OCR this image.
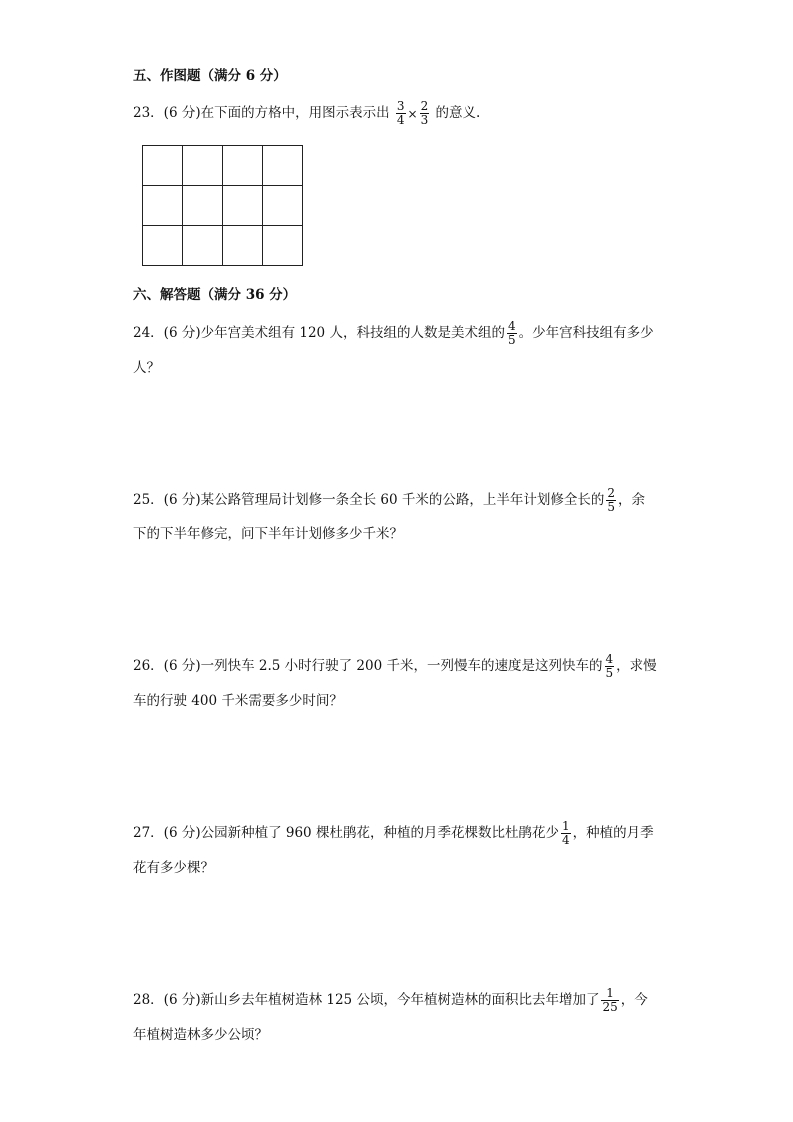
五、作图题（满分 6 分）
23．(6 分)在下面的方格中，用图示表示出 $\frac{3}{4} \times \frac{2}{3}$ 的意义.
六、解答题（满分 36 分）
24．(6 分)少年宫美术组有 120 人，科技组的人数是美术组的 $\frac{4}{5}$ 。少年宫科技组有多少
人？
25．(6 分)某公路管理局计划修一条全长 60 千米的公路，上半年计划修全长的 $\frac{2}{5}$ ，余
下的下半年修完，问下半年计划修多少千米？
26．(6 分)一列快车 2.5 小时行驶了 200 千米，一列慢车的速度是这列快车的 $\frac{4}{5}$ ，求慢
车的行驶 400 千米需要多少时间？
27．(6 分)公园新种植了 960 棵杜鹃花，种植的月季花棵数比杜鹃花少 $\frac{1}{4}$ ，种植的月季
花有多少棵？
28．(6 分)新山乡去年植树造林 125 公顷，今年植树造林的面积比去年增加了 $\frac{1}{25}$ ，今
年植树造林多少公顷？
